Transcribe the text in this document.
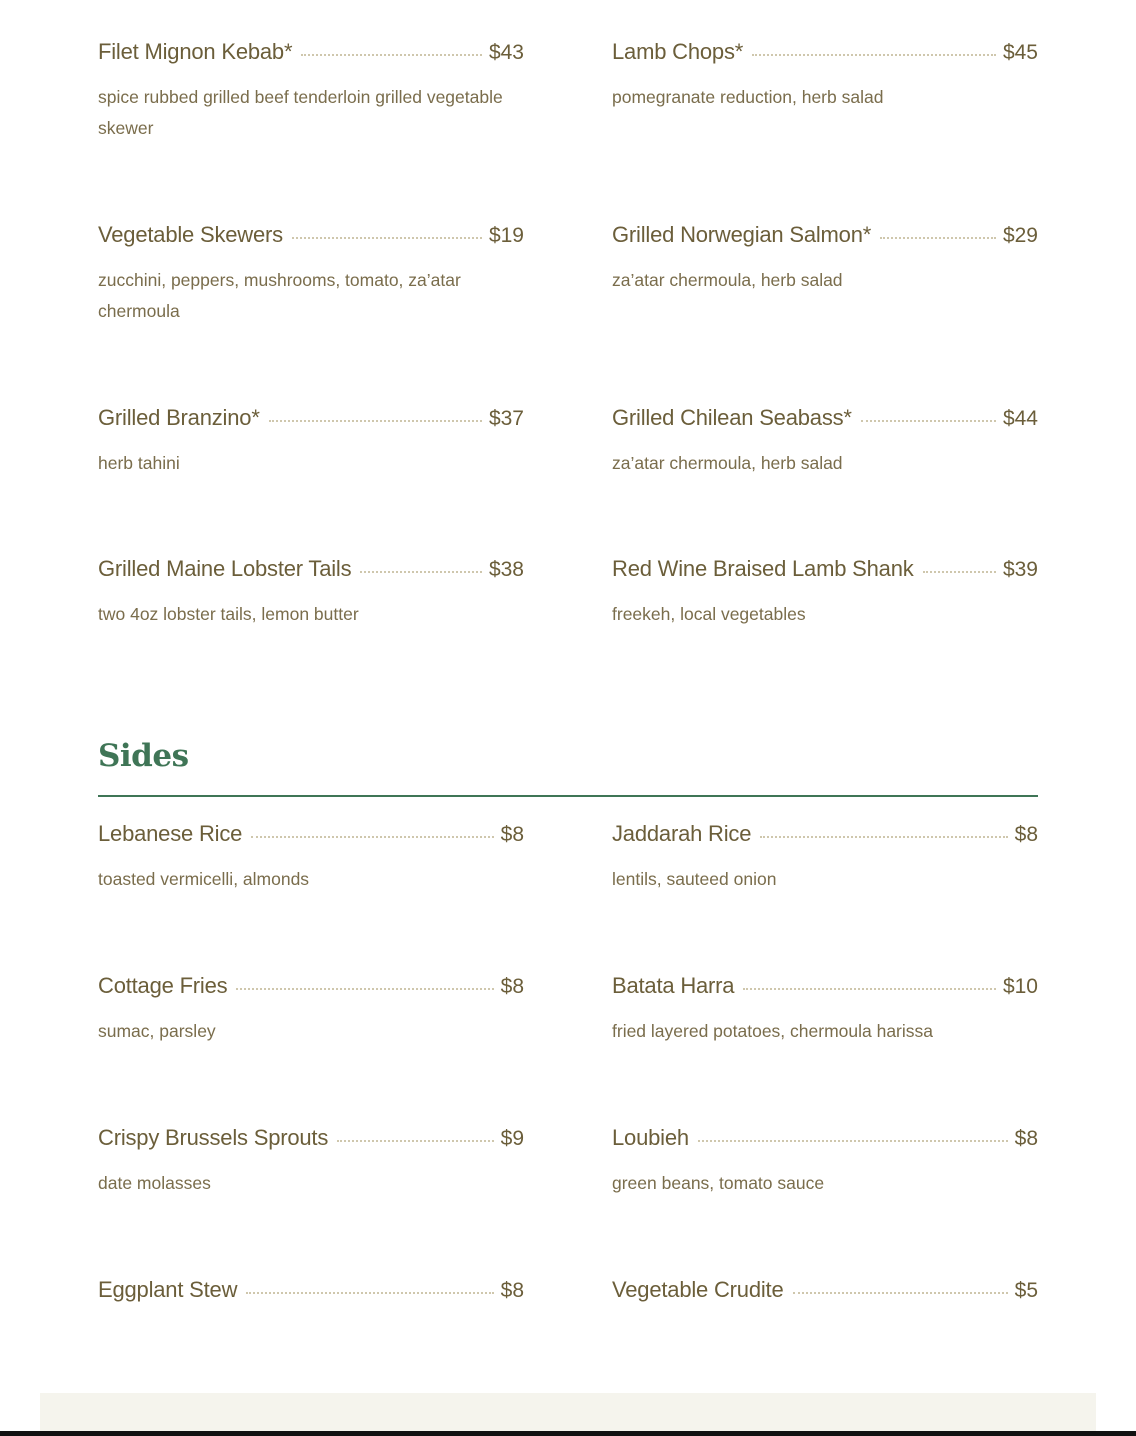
Filet Mignon Kebab*	$43
spice rubbed grilled beef tenderloin grilled vegetable skewer
Lamb Chops*	$45
pomegranate reduction, herb salad
Vegetable Skewers	$19
zucchini, peppers, mushrooms, tomato, za’atar chermoula
Grilled Norwegian Salmon*	$29
za’atar chermoula, herb salad
Grilled Branzino*	$37
herb tahini
Grilled Chilean Seabass*	$44
za’atar chermoula, herb salad
Grilled Maine Lobster Tails	$38
two 4oz lobster tails, lemon butter
Red Wine Braised Lamb Shank	$39
freekeh, local vegetables
Sides
Lebanese Rice	$8
toasted vermicelli, almonds
Jaddarah Rice	$8
lentils, sauteed onion
Cottage Fries	$8
sumac, parsley
Batata Harra	$10
fried layered potatoes, chermoula harissa
Crispy Brussels Sprouts	$9
date molasses
Loubieh	$8
green beans, tomato sauce
Eggplant Stew	$8	Vegetable Crudite	$5
